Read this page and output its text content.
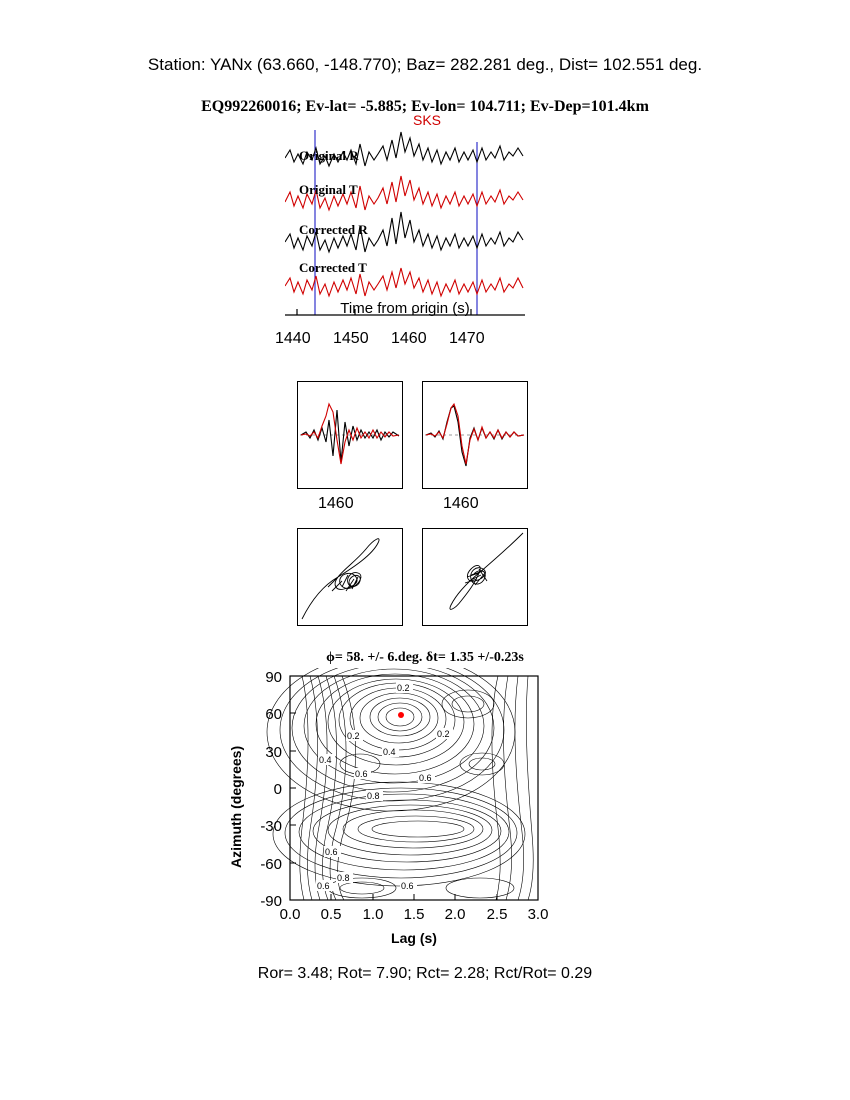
Station: YANx (63.660, -148.770); Baz= 282.281 deg., Dist= 102.551 deg.
EQ992260016; Ev-lat= -5.885; Ev-lon= 104.711; Ev-Dep=101.4km
Original R
Original T
Corrected R
Corrected T
SKS
Time from origin (s)
1440 1450 1460 1470
1460	1460
ϕ= 58. +/- 6.deg. δt= 1.35 +/-0.23s
0.2
0.2
0.2
0.4
0.6
0.6
0.8
0.6
0.8
0.6	0.6
0.4
90
60
30
0
-30
-60
-90
0.0	0.5	1.0	1.5	2.0	2.5	3.0
Azimuth (degrees)
Lag (s)
Ror= 3.48; Rot= 7.90; Rct= 2.28; Rct/Rot= 0.29
